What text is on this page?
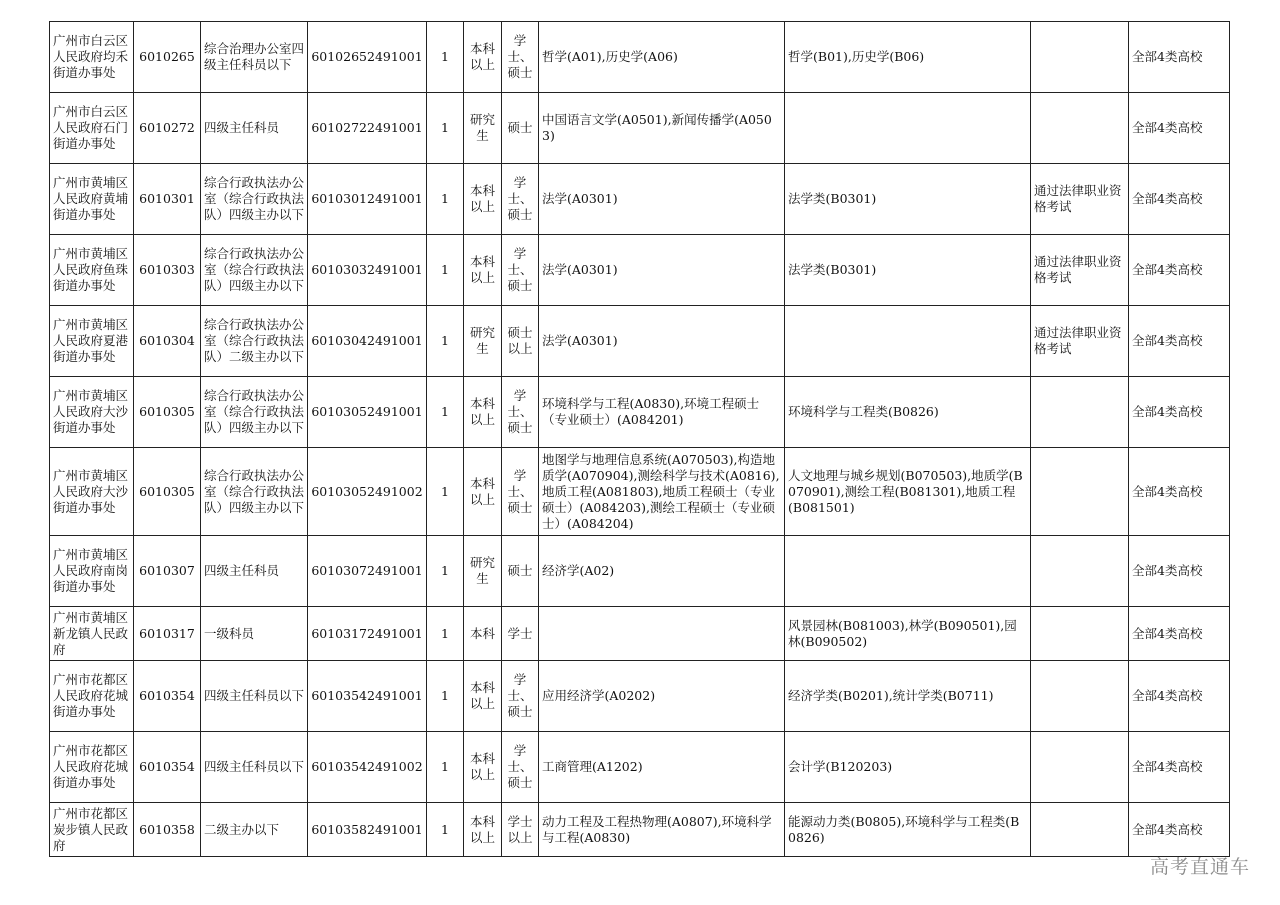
广州市白云区人民政府均禾街道办事处	6010265	综合治理办公室四级主任科员以下	60102652491001	1	本科以上	学士、硕士	哲学(A01),历史学(A06)	哲学(B01),历史学(B06)		全部4类高校
广州市白云区人民政府石门街道办事处	6010272	四级主任科员	60102722491001	1	研究生	硕士	中国语言文学(A0501),新闻传播学(A0503)			全部4类高校
广州市黄埔区人民政府黄埔街道办事处	6010301	综合行政执法办公室（综合行政执法队）四级主办以下	60103012491001	1	本科以上	学士、硕士	法学(A0301)	法学类(B0301)	通过法律职业资格考试	全部4类高校
广州市黄埔区人民政府鱼珠街道办事处	6010303	综合行政执法办公室（综合行政执法队）四级主办以下	60103032491001	1	本科以上	学士、硕士	法学(A0301)	法学类(B0301)	通过法律职业资格考试	全部4类高校
广州市黄埔区人民政府夏港街道办事处	6010304	综合行政执法办公室（综合行政执法队）二级主办以下	60103042491001	1	研究生	硕士以上	法学(A0301)		通过法律职业资格考试	全部4类高校
广州市黄埔区人民政府大沙街道办事处	6010305	综合行政执法办公室（综合行政执法队）四级主办以下	60103052491001	1	本科以上	学士、硕士	环境科学与工程(A0830),环境工程硕士（专业硕士）(A084201)	环境科学与工程类(B0826)		全部4类高校
广州市黄埔区人民政府大沙街道办事处	6010305	综合行政执法办公室（综合行政执法队）四级主办以下	60103052491002	1	本科以上	学士、硕士	地图学与地理信息系统(A070503),构造地质学(A070904),测绘科学与技术(A0816),地质工程(A081803),地质工程硕士（专业硕士）(A084203),测绘工程硕士（专业硕士）(A084204)	人文地理与城乡规划(B070503),地质学(B070901),测绘工程(B081301),地质工程(B081501)		全部4类高校
广州市黄埔区人民政府南岗街道办事处	6010307	四级主任科员	60103072491001	1	研究生	硕士	经济学(A02)			全部4类高校
广州市黄埔区新龙镇人民政府	6010317	一级科员	60103172491001	1	本科	学士		风景园林(B081003),林学(B090501),园林(B090502)		全部4类高校
广州市花都区人民政府花城街道办事处	6010354	四级主任科员以下	60103542491001	1	本科以上	学士、硕士	应用经济学(A0202)	经济学类(B0201),统计学类(B0711)		全部4类高校
广州市花都区人民政府花城街道办事处	6010354	四级主任科员以下	60103542491002	1	本科以上	学士、硕士	工商管理(A1202)	会计学(B120203)		全部4类高校
广州市花都区炭步镇人民政府	6010358	二级主办以下	60103582491001	1	本科以上	学士以上	动力工程及工程热物理(A0807),环境科学与工程(A0830)	能源动力类(B0805),环境科学与工程类(B0826)		全部4类高校
高考直通车
